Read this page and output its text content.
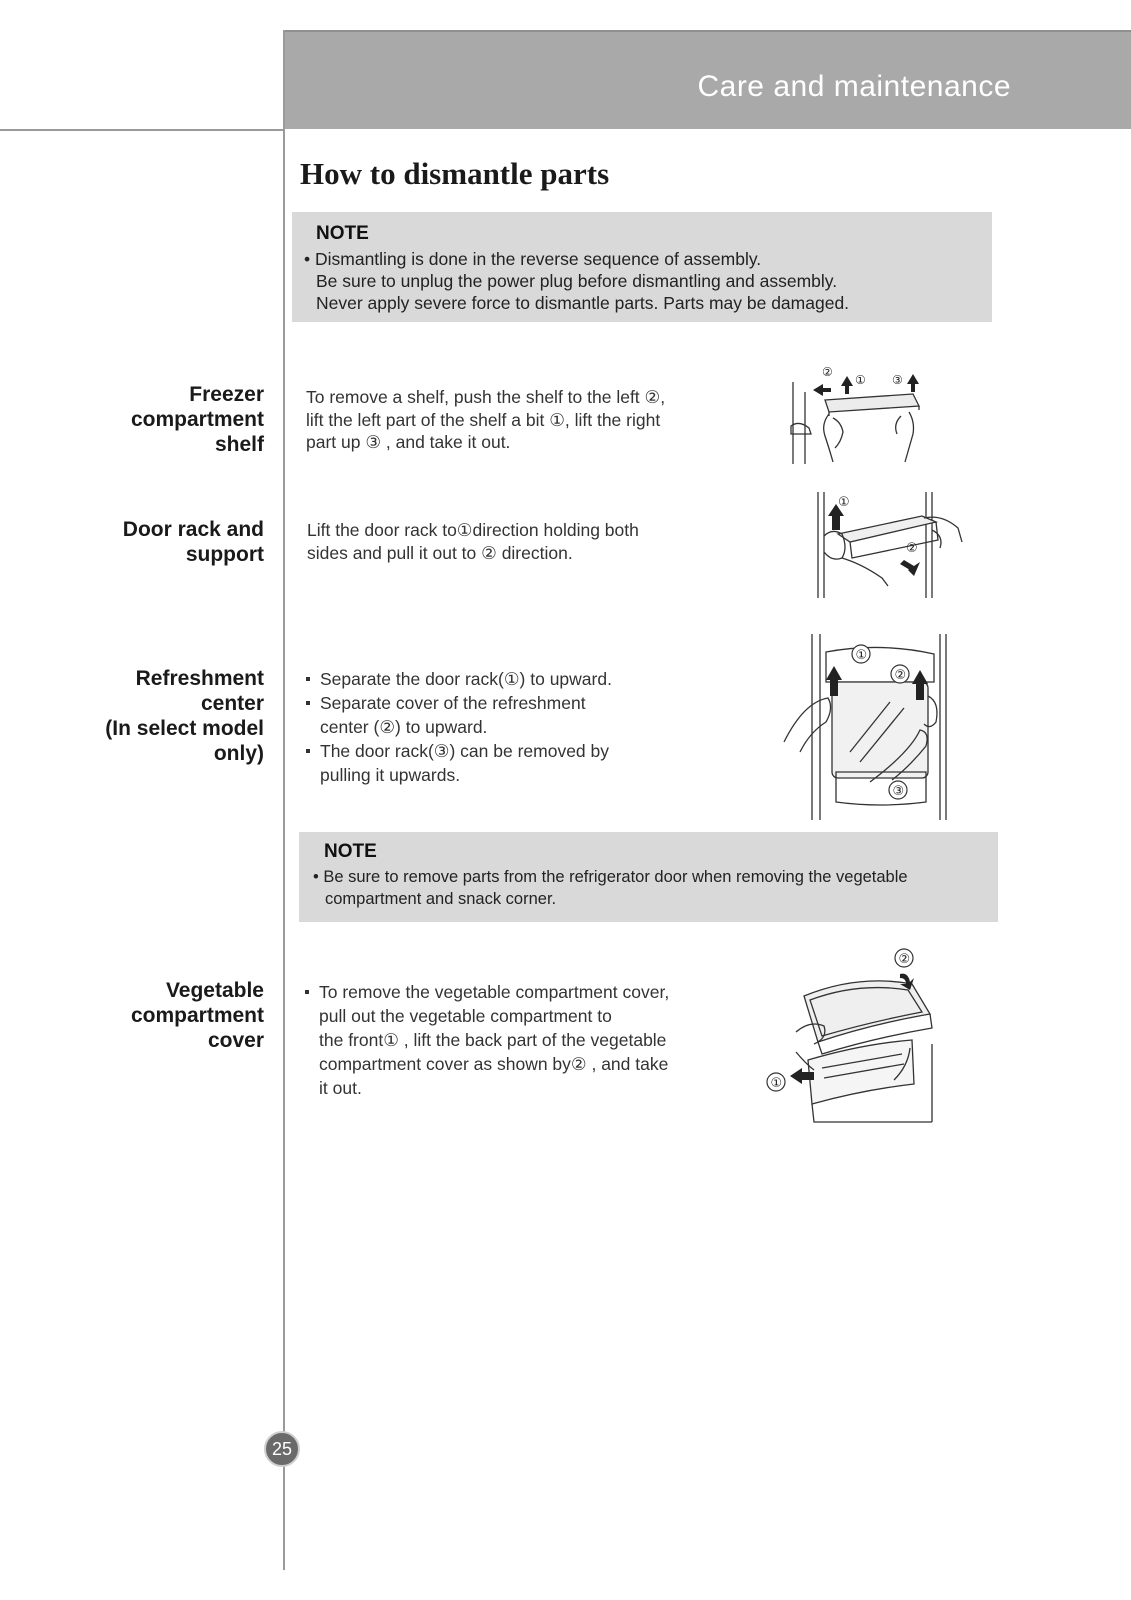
Care and maintenance
How to dismantle parts
NOTE
• Dismantling is done in the reverse sequence of assembly.
Be sure to unplug the power plug before dismantling and assembly.
Never apply severe force to dismantle parts. Parts may be damaged.
Freezer
compartment
shelf
To remove a shelf, push the shelf to the left ②,
lift the left part of the shelf a bit ①, lift the right
part up ③ , and take it out.
②
① ③
Door rack and
support
Lift the door rack to①direction holding both
sides and pull it out to ② direction.
①
②
Refreshment
center
(In select model
only)
Separate the door rack(①) to upward.
Separate cover of the refreshment
center (②) to upward.
The door rack(③) can be removed by
pulling it upwards.
①
②
③
NOTE
• Be sure to remove parts from the refrigerator door when removing the vegetable
compartment and snack corner.
Vegetable
compartment
cover
To remove the vegetable compartment cover,
pull out the vegetable compartment to
the front① , lift the back part of the vegetable
compartment cover as shown by② , and take
it out.
②
①
25
